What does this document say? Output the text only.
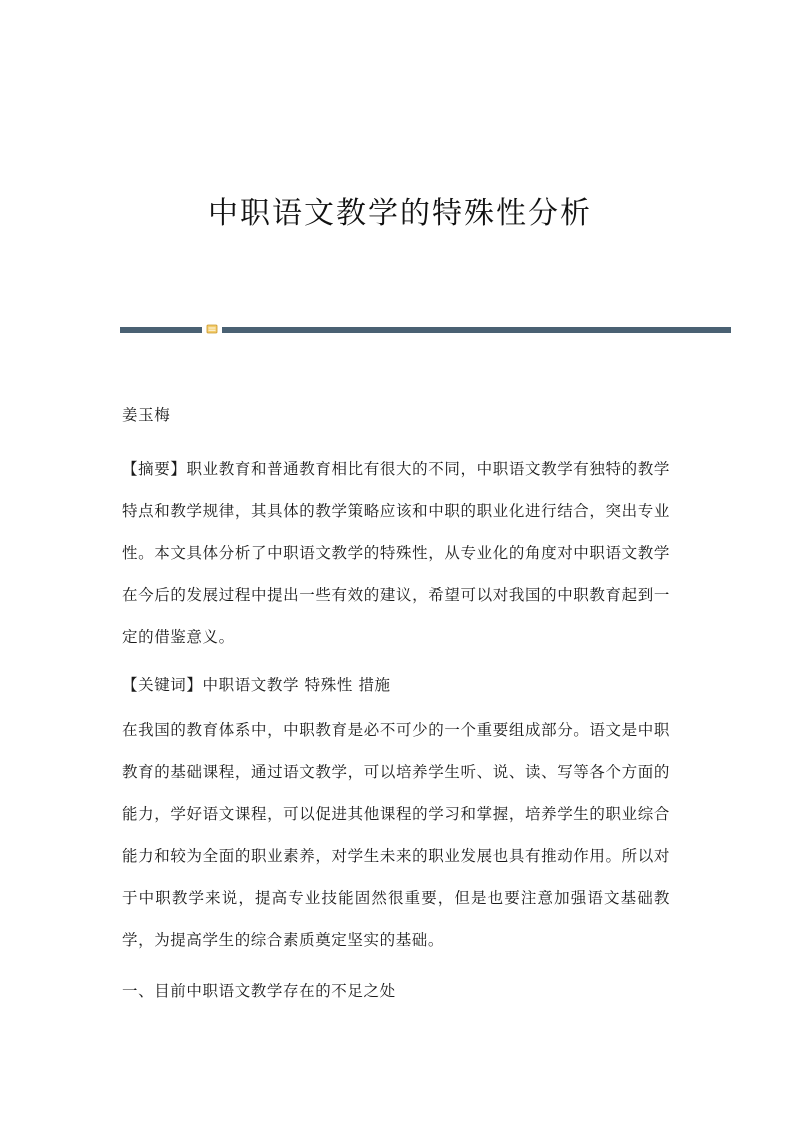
中职语文教学的特殊性分析
姜玉梅
【摘要】职业教育和普通教育相比有很大的不同，中职语文教学有独特的教学
特点和教学规律，其具体的教学策略应该和中职的职业化进行结合，突出专业
性。本文具体分析了中职语文教学的特殊性，从专业化的角度对中职语文教学
在今后的发展过程中提出一些有效的建议，希望可以对我国的中职教育起到一
定的借鉴意义。
【关键词】中职语文教学 特殊性 措施
在我国的教育体系中，中职教育是必不可少的一个重要组成部分。语文是中职
教育的基础课程，通过语文教学，可以培养学生听、说、读、写等各个方面的
能力，学好语文课程，可以促进其他课程的学习和掌握，培养学生的职业综合
能力和较为全面的职业素养，对学生未来的职业发展也具有推动作用。所以对
于中职教学来说，提高专业技能固然很重要，但是也要注意加强语文基础教
学，为提高学生的综合素质奠定坚实的基础。
一、目前中职语文教学存在的不足之处
